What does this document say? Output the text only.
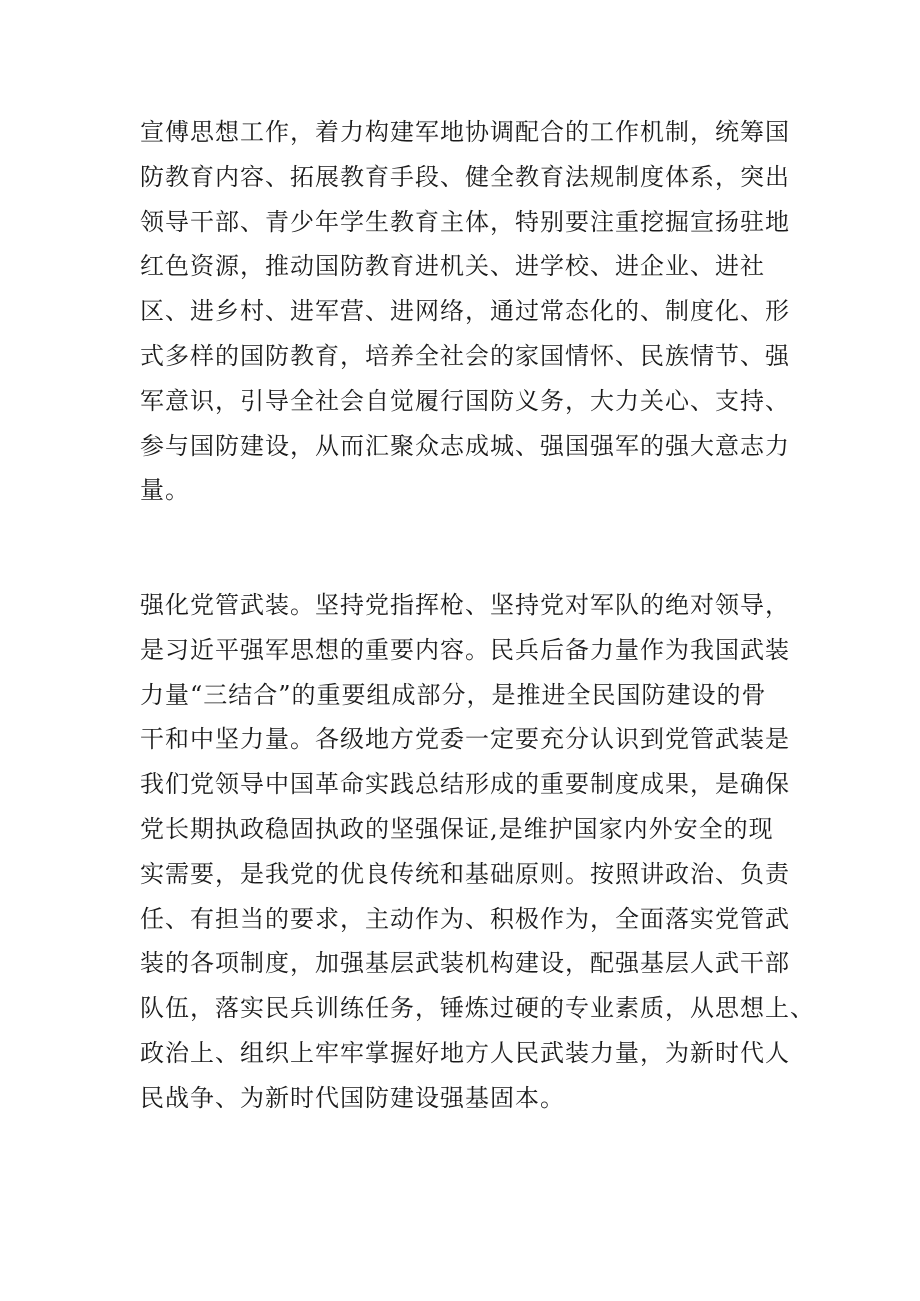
宣傅思想工作，着力构建军地协调配合的工作机制，统筹国
防教育内容、拓展教育手段、健全教育法规制度体系，突出
领导干部、青少年学生教育主体，特别要注重挖掘宣扬驻地
红色资源，推动国防教育进机关、进学校、进企业、进社
区、进乡村、进军营、进网络，通过常态化的、制度化、形
式多样的国防教育，培养全社会的家国情怀、民族情节、强
军意识，引导全社会自觉履行国防义务，大力关心、支持、
参与国防建设，从而汇聚众志成城、强国强军的强大意志力
量。
强化党管武装。坚持党指挥枪、坚持党对军队的绝对领导，
是习近平强军思想的重要内容。民兵后备力量作为我国武装
力量“三结合”的重要组成部分，是推进全民国防建设的骨
干和中坚力量。各级地方党委一定要充分认识到党管武装是
我们党领导中国革命实践总结形成的重要制度成果，是确保
党长期执政稳固执政的坚强保证,是维护国家内外安全的现
实需要，是我党的优良传统和基础原则。按照讲政治、负责
任、有担当的要求，主动作为、积极作为，全面落实党管武
装的各项制度，加强基层武装机构建设，配强基层人武干部
队伍，落实民兵训练任务，锤炼过硬的专业素质，从思想上、
政治上、组织上牢牢掌握好地方人民武装力量，为新时代人
民战争、为新时代国防建设强基固本。
